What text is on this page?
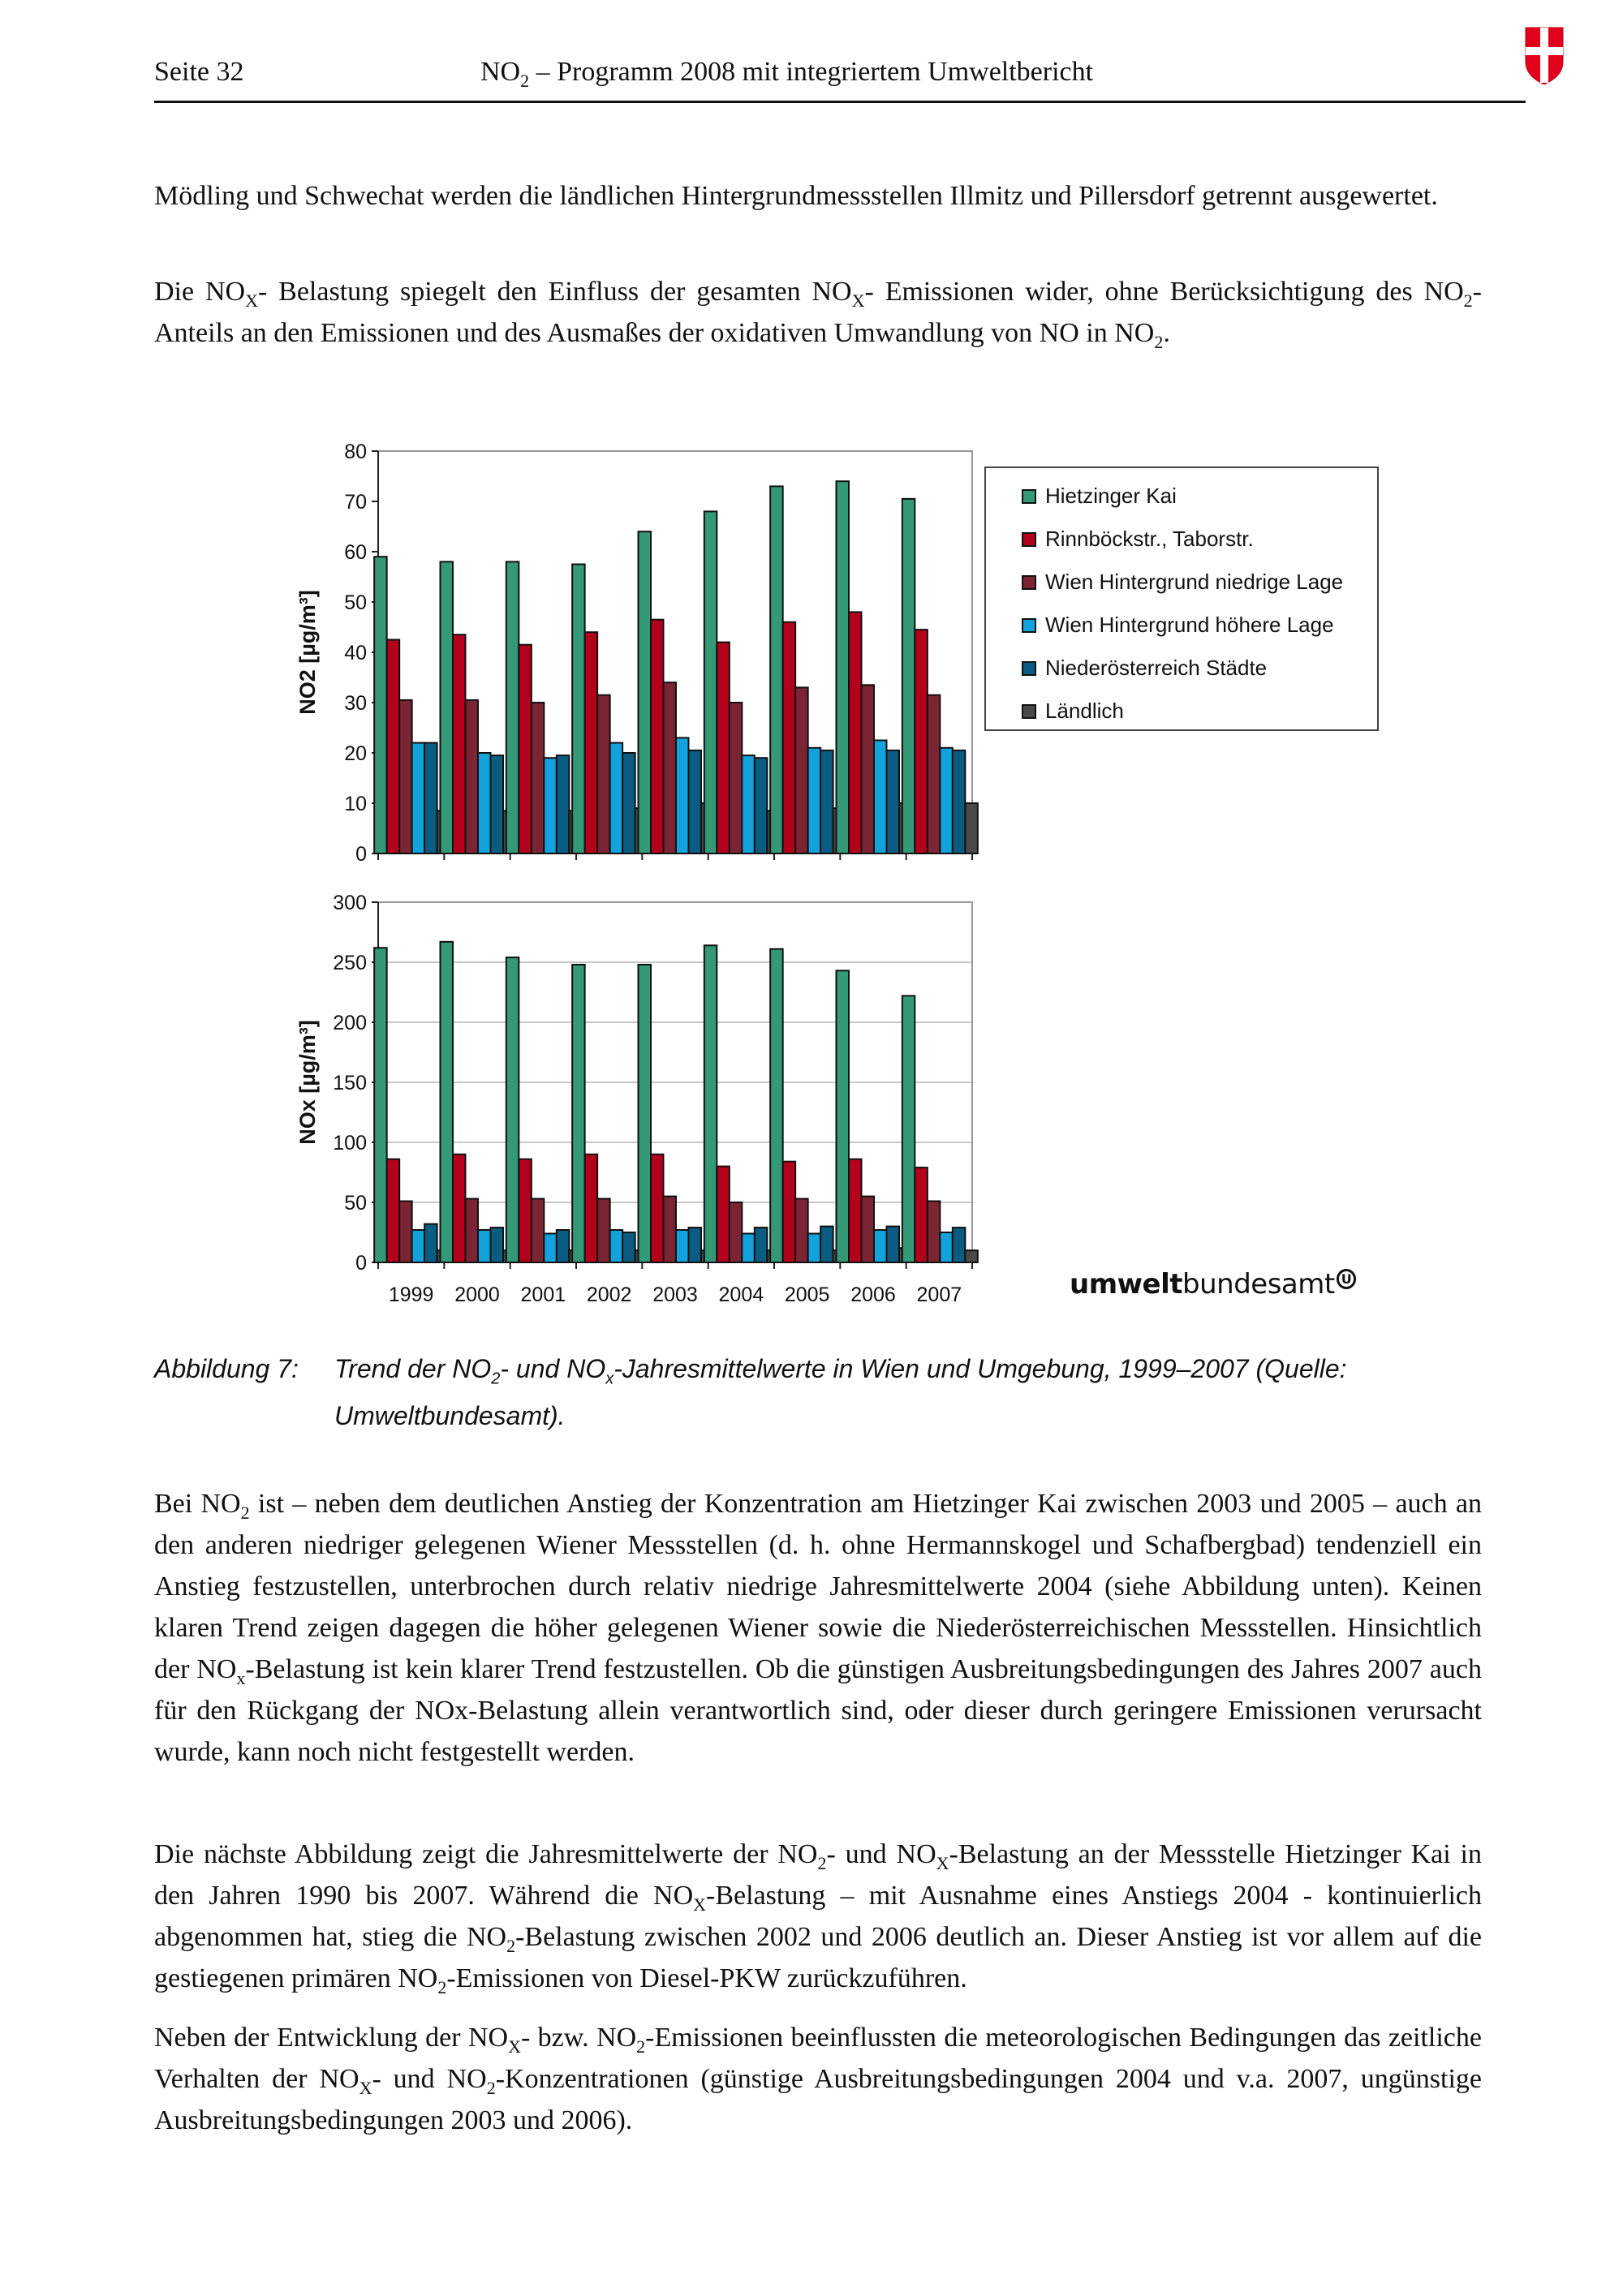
Seite 32	$NO_2$ – Programm 2008 mit integriertem Umweltbericht
Mödling und Schwechat werden die ländlichen Hintergrundmessstellen Illmitz und Pillersdorf getrennt ausgewertet.
Die $NO_X-$ Belastung spiegelt den Einfluss der gesamten $NO_X-$ Emissionen wider, ohne Berücksichtigung des $NO_2$-Anteils an den Emissionen und des Ausmaßes der oxidativen Umwandlung von NO in $NO_2$.
0
10
20
30
40
50
60
70
80
NO2 [µg/m³]
0
50
100
150
200
250
300
NOx [µg/m³]
1999 2000 2001 2002 2003 2004 2005 2006 2007
Hietzinger Kai
Rinnböckstr., Taborstr.
Wien Hintergrund niedrige Lage
Wien Hintergrund höhere Lage
Niederösterreich Städte
Ländlich
umweltbundesamt $^U$
Abbildung 7: Trend der $NO_2-$ und $NO_x$-Jahresmittelwerte in Wien und Umgebung, 1999–2007 (Quelle:
Umweltbundesamt).
Bei $NO_2$ ist – neben dem deutlichen Anstieg der Konzentration am Hietzinger Kai zwischen 2003 und 2005 – auch an den anderen niedriger gelegenen Wiener Messstellen (d. h. ohne Hermannskogel und Schafbergbad) tendenziell ein Anstieg festzustellen, unterbrochen durch relativ niedrige Jahresmittelwerte 2004 (siehe Abbildung unten). Keinen klaren Trend zeigen dagegen die höher gelegenen Wiener sowie die Niederösterreichischen Messstellen. Hinsichtlich der $NO_x$-Belastung ist kein klarer Trend festzustellen. Ob die günstigen Ausbreitungsbedingungen des Jahres 2007 auch für den Rückgang der NOx-Belastung allein verantwortlich sind, oder dieser durch geringere Emissionen verursacht wurde, kann noch nicht festgestellt werden.
Die nächste Abbildung zeigt die Jahresmittelwerte der $NO_2-$ und $NO_X$-Belastung an der Messstelle Hietzinger Kai in den Jahren 1990 bis 2007. Während die $NO_X$-Belastung – mit Ausnahme eines Anstiegs 2004 - kontinuierlich abgenommen hat, stieg die $NO_2$-Belastung zwischen 2002 und 2006 deutlich an. Dieser Anstieg ist vor allem auf die gestiegenen primären $NO_2$-Emissionen von Diesel-PKW zurückzuführen.
Neben der Entwicklung der $NO_X-$ bzw. $NO_2$-Emissionen beeinflussten die meteorologischen Bedingungen das zeitliche Verhalten der $NO_X-$ und $NO_2$-Konzentrationen (günstige Ausbreitungsbedingungen 2004 und v.a. 2007, ungünstige Ausbreitungsbedingungen 2003 und 2006).
